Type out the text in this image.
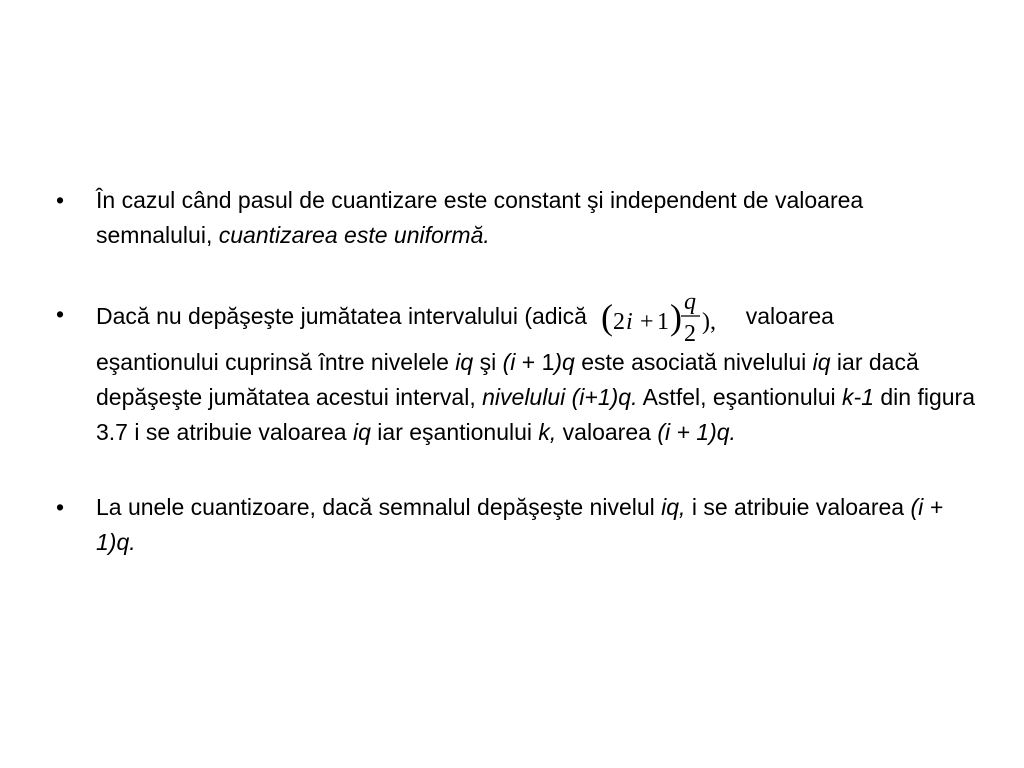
•	În cazul când pasul de cuantizare este constant şi independent de valoarea semnalului, cuantizarea este uniformă.
•	Dacă nu depăşeşte jumătatea intervalului (adică ( 2 i + 1 ) q
2 ), valoarea
eşantionului cuprinsă între nivelele iq şi (i + 1)q este asociată nivelului iq iar dacă depăşeşte jumătatea acestui interval, nivelului (i+1)q. Astfel, eşantionului k-1 din figura 3.7 i se atribuie valoarea iq iar eşantionului k, valoarea (i + 1)q.
•	La unele cuantizoare, dacă semnalul depăşeşte nivelul iq, i se atribuie valoarea (i + 1)q.
